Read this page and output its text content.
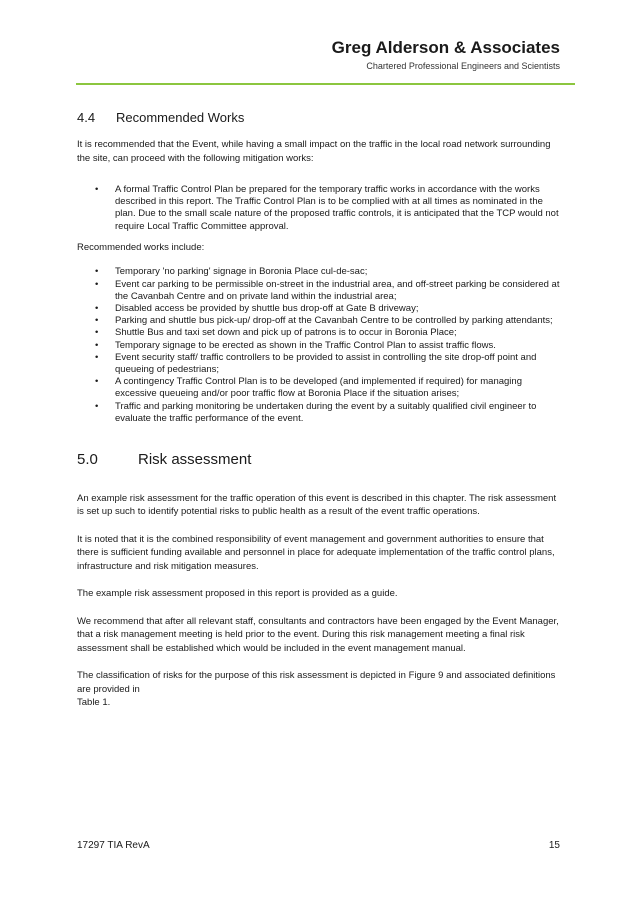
Greg Alderson & Associates
Chartered Professional Engineers and Scientists
4.4	Recommended Works

It is recommended that the Event, while having a small impact on the traffic in the local road network surrounding the site, can proceed with the following mitigation works:

• A formal Traffic Control Plan be prepared for the temporary traffic works in accordance with the works described in this report. The Traffic Control Plan is to be complied with at all times as nominated in the plan. Due to the small scale nature of the proposed traffic controls, it is anticipated that the TCP would not require Local Traffic Committee approval.

Recommended works include:

• Temporary 'no parking' signage in Boronia Place cul-de-sac;
• Event car parking to be permissible on-street in the industrial area, and off-street parking be considered at the Cavanbah Centre and on private land within the industrial area;
• Disabled access be provided by shuttle bus drop-off at Gate B driveway;
• Parking and shuttle bus pick-up/ drop-off at the Cavanbah Centre to be controlled by parking attendants;
• Shuttle Bus and taxi set down and pick up of patrons is to occur in Boronia Place;
• Temporary signage to be erected as shown in the Traffic Control Plan to assist traffic flows.
• Event security staff/ traffic controllers to be provided to assist in controlling the site drop-off point and queueing of pedestrians;
• A contingency Traffic Control Plan is to be developed (and implemented if required) for managing excessive queueing and/or poor traffic flow at Boronia Place if the situation arises;
• Traffic and parking monitoring be undertaken during the event by a suitably qualified civil engineer to evaluate the traffic performance of the event.
5.0	Risk assessment

An example risk assessment for the traffic operation of this event is described in this chapter. The risk assessment is set up such to identify potential risks to public health as a result of the event traffic operations.

It is noted that it is the combined responsibility of event management and government authorities to ensure that there is sufficient funding available and personnel in place for adequate implementation of the traffic control plans, infrastructure and risk mitigation measures.

The example risk assessment proposed in this report is provided as a guide.

We recommend that after all relevant staff, consultants and contractors have been engaged by the Event Manager, that a risk management meeting is held prior to the event. During this risk management meeting a final risk assessment shall be established which would be included in the event management manual.

The classification of risks for the purpose of this risk assessment is depicted in Figure 9 and associated definitions are provided in
Table 1.

17297 TIA RevA	15
